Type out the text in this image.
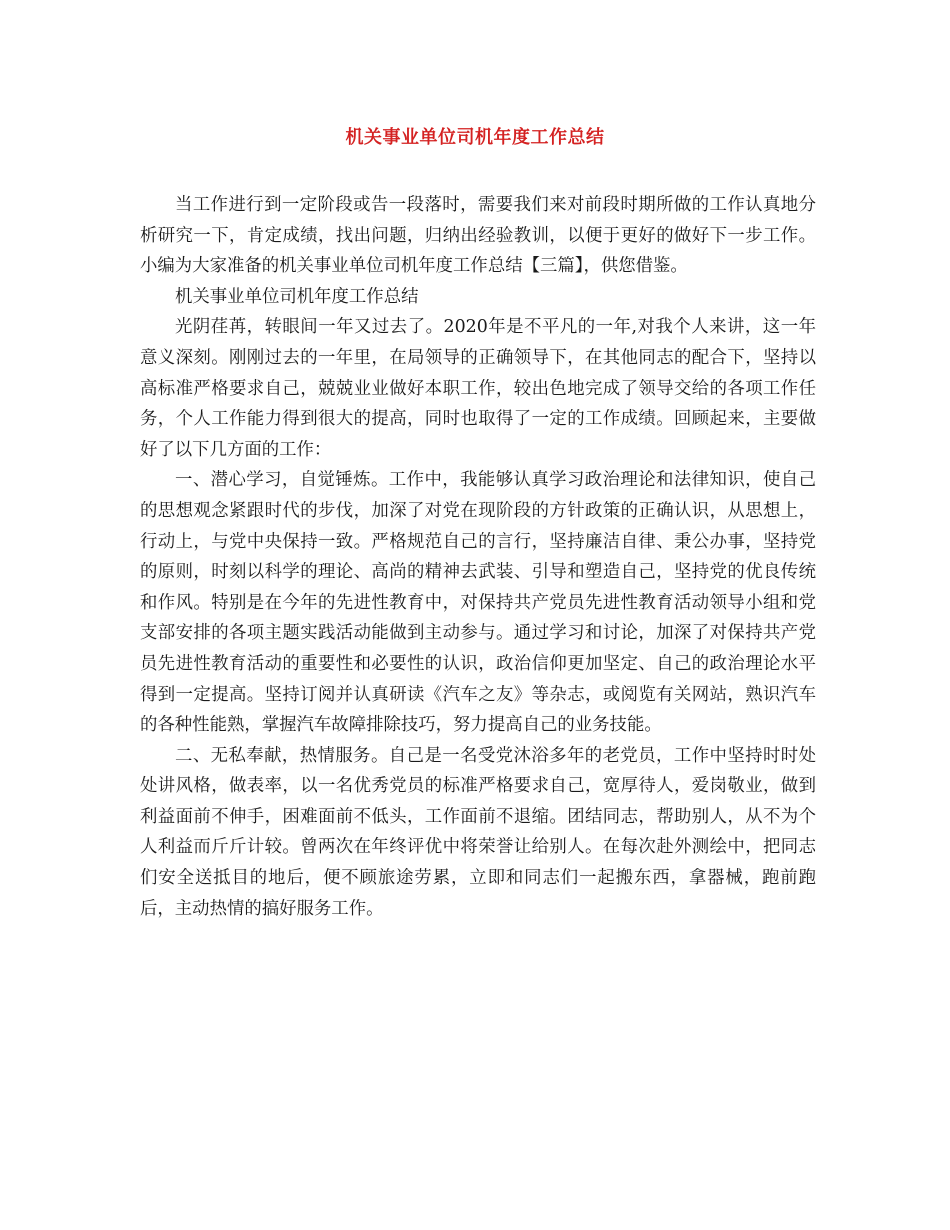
机关事业单位司机年度工作总结

当工作进行到一定阶段或告一段落时，需要我们来对前段时期所做的工作认真地分析研究一下，肯定成绩，找出问题，归纳出经验教训，以便于更好的做好下一步工作。小编为大家准备的机关事业单位司机年度工作总结【三篇】，供您借鉴。

机关事业单位司机年度工作总结

光阴荏苒，转眼间一年又过去了。2020年是不平凡的一年,对我个人来讲，这一年意义深刻。刚刚过去的一年里，在局领导的正确领导下，在其他同志的配合下，坚持以高标准严格要求自己，兢兢业业做好本职工作，较出色地完成了领导交给的各项工作任务，个人工作能力得到很大的提高，同时也取得了一定的工作成绩。回顾起来，主要做好了以下几方面的工作：

一、潜心学习，自觉锤炼。工作中，我能够认真学习政治理论和法律知识，使自己的思想观念紧跟时代的步伐，加深了对党在现阶段的方针政策的正确认识，从思想上，行动上，与党中央保持一致。严格规范自己的言行，坚持廉洁自律、秉公办事，坚持党的原则，时刻以科学的理论、高尚的精神去武装、引导和塑造自己，坚持党的优良传统和作风。特别是在今年的先进性教育中，对保持共产党员先进性教育活动领导小组和党支部安排的各项主题实践活动能做到主动参与。通过学习和讨论，加深了对保持共产党员先进性教育活动的重要性和必要性的认识，政治信仰更加坚定、自己的政治理论水平得到一定提高。坚持订阅并认真研读《汽车之友》等杂志，或阅览有关网站，熟识汽车的各种性能熟，掌握汽车故障排除技巧，努力提高自己的业务技能。

二、无私奉献，热情服务。自己是一名受党沐浴多年的老党员，工作中坚持时时处处讲风格，做表率，以一名优秀党员的标准严格要求自己，宽厚待人，爱岗敬业，做到利益面前不伸手，困难面前不低头，工作面前不退缩。团结同志，帮助别人，从不为个人利益而斤斤计较。曾两次在年终评优中将荣誉让给别人。在每次赴外测绘中，把同志们安全送抵目的地后，便不顾旅途劳累，立即和同志们一起搬东西，拿器械，跑前跑后，主动热情的搞好服务工作。
